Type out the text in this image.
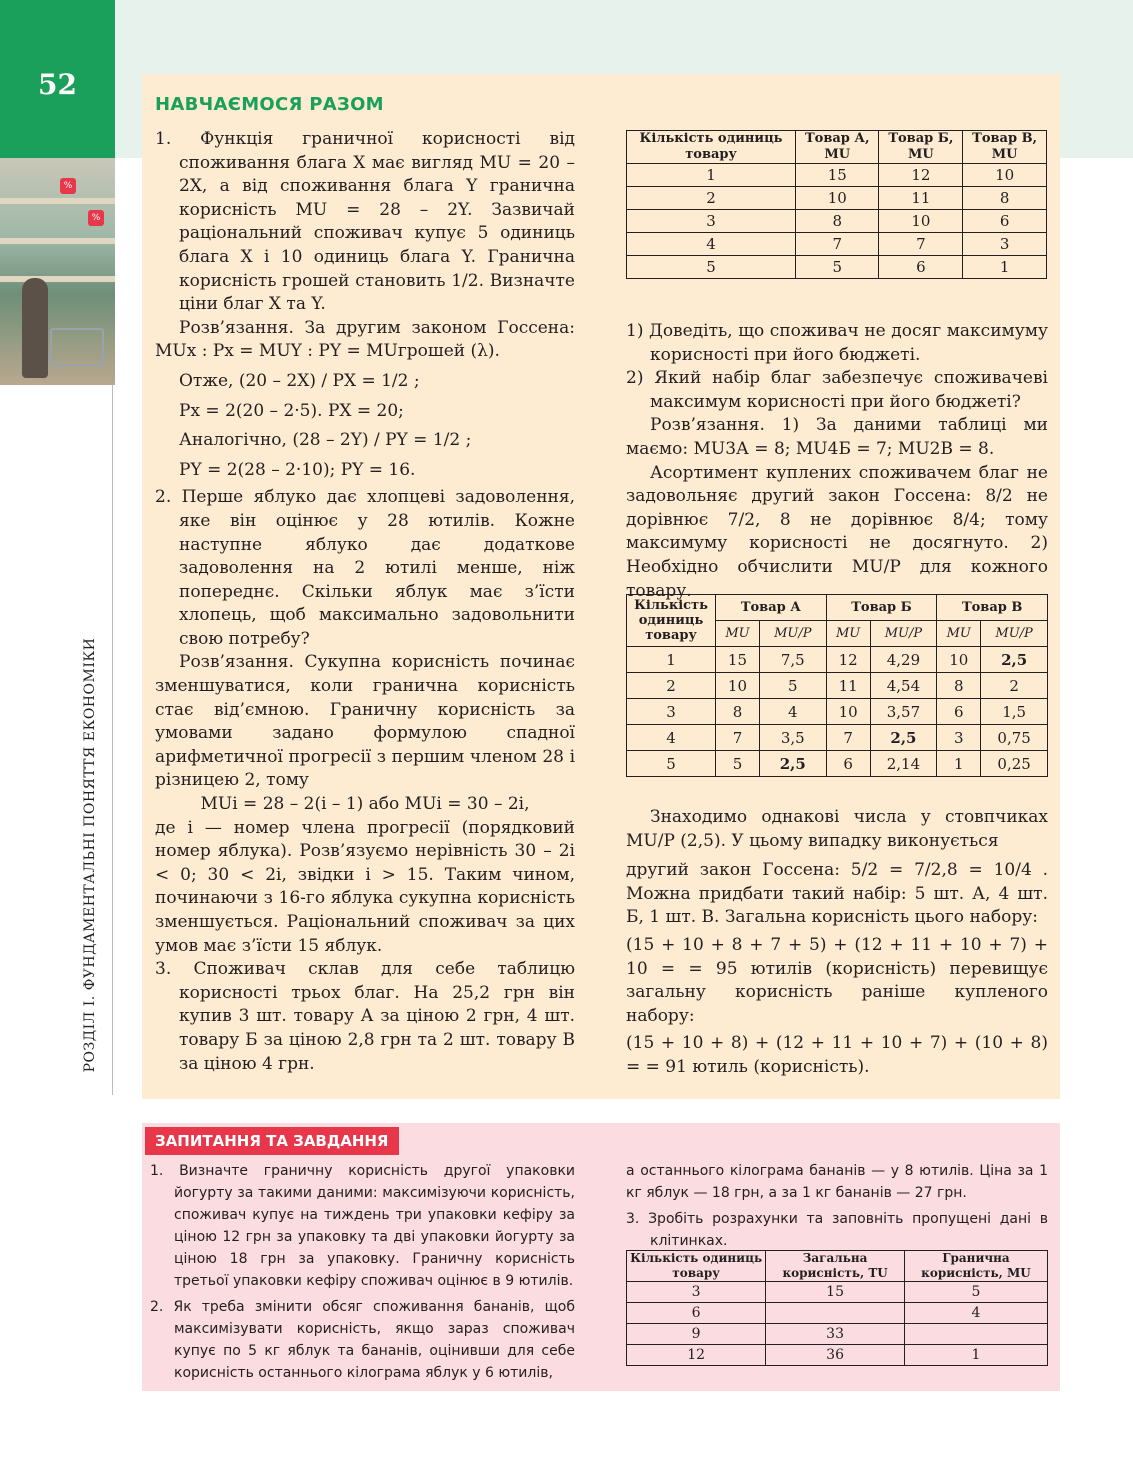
52
%
%
РОЗДІЛ І. ФУНДАМЕНТАЛЬНІ ПОНЯТТЯ ЕКОНОМІКИ
НАВЧАЄМОСЯ РАЗОМ

1. Функція граничної корисності від споживання блага X має вигляд MU = 20 – 2X, а від споживання блага Y гранична корисність MU = 28 – 2Y. Зазвичай раціональний споживач купує 5 одиниць блага X і 10 одиниць блага Y. Гранична корисність грошей становить 1/2. Визначте ціни благ X та Y.

Розв’язання. За другим законом Госсена: MUx : Px = MUY : PY = MUгрошей (λ).

Отже, (20 – 2X) / PX = 1/2 ;

Px = 2(20 – 2·5). PX = 20;

Аналогічно, (28 – 2Y) / PY = 1/2 ;

PY = 2(28 – 2·10); PY = 16.

2. Перше яблуко дає хлопцеві задоволення, яке він оцінює у 28 ютилів. Кожне наступне яблуко дає додаткове задоволення на 2 ютилі менше, ніж попереднє. Скільки яблук має з’їсти хлопець, щоб максимально задовольнити свою потребу?

Розв’язання. Сукупна корисність починає зменшуватися, коли гранична корисність стає від’ємною. Граничну корисність за умовами задано формулою спадної арифметичної прогресії з першим членом 28 і різницею 2, тому

MUi = 28 – 2(i – 1) або MUi = 30 – 2i,

де i — номер члена прогресії (порядковий номер яблука). Розв’язуємо нерівність 30 – 2i < 0; 30 < 2i, звідки i > 15. Таким чином, починаючи з 16-го яблука сукупна корисність зменшується. Раціональний споживач за цих умов має з’їсти 15 яблук.

3. Споживач склав для себе таблицю корисності трьох благ. На 25,2 грн він купив 3 шт. товару А за ціною 2 грн, 4 шт. товару Б за ціною 2,8 грн та 2 шт. товару В за ціною 4 грн.

Кількість одиниць товару	Товар А, MU	Товар Б, MU	Товар В, MU
1	15	12	10
2	10	11	8
3	8	10	6
4	7	7	3
5	5	6	1

1) Доведіть, що споживач не досяг максимуму корисності при його бюджеті.

2) Який набір благ забезпечує споживачеві максимум корисності при його бюджеті?

Розв’язання. 1) За даними таблиці ми маємо: MU3А = 8; MU4Б = 7; MU2В = 8.

Асортимент куплених споживачем благ не задовольняє другий закон Госсена: 8/2 не дорівнює 7/2, 8 не дорівнює 8/4; тому максимуму корисності не досягнуто. 2) Необхідно обчислити MU/P для кожного товару.

Кількість одиниць товару	Товар А		Товар Б		Товар В	
	MU	MU/P	MU	MU/P	MU	MU/P
1	15	7,5	12	4,29	10	2,5
2	10	5	11	4,54	8	2
3	8	4	10	3,57	6	1,5
4	7	3,5	7	2,5	3	0,75
5	5	2,5	6	2,14	1	0,25

Знаходимо однакові числа у стовпчиках MU/P (2,5). У цьому випадку виконується

другий закон Госсена: 5/2 = 7/2,8 = 10/4 . Можна придбати такий набір: 5 шт. А, 4 шт. Б, 1 шт. В. Загальна корисність цього набору:

(15 + 10 + 8 + 7 + 5) + (12 + 11 + 10 + 7) + 10 = = 95 ютилів (корисність) перевищує загальну корисність раніше купленого набору:

(15 + 10 + 8) + (12 + 11 + 10 + 7) + (10 + 8) = = 91 ютиль (корисність).

ЗАПИТАННЯ ТА ЗАВДАННЯ

1. Визначте граничну корисність другої упаковки йогурту за такими даними: максимізуючи корисність, споживач купує на тиждень три упаковки кефіру за ціною 12 грн за упаковку та дві упаковки йогурту за ціною 18 грн за упаковку. Граничну корисність третьої упаковки кефіру споживач оцінює в 9 ютилів.

2. Як треба змінити обсяг споживання бананів, щоб максимізувати корисність, якщо зараз споживач купує по 5 кг яблук та бананів, оцінивши для себе корисність останнього кілограма яблук у 6 ютилів,

а останнього кілограма бананів — у 8 ютилів. Ціна за 1 кг яблук — 18 грн, а за 1 кг бананів — 27 грн.

3. Зробіть розрахунки та заповніть пропущені дані в клітинках.

Кількість одиниць товару	Загальна корисність, TU	Гранична корисність, MU
3	15	5
6		4
9	33	
12	36	1
